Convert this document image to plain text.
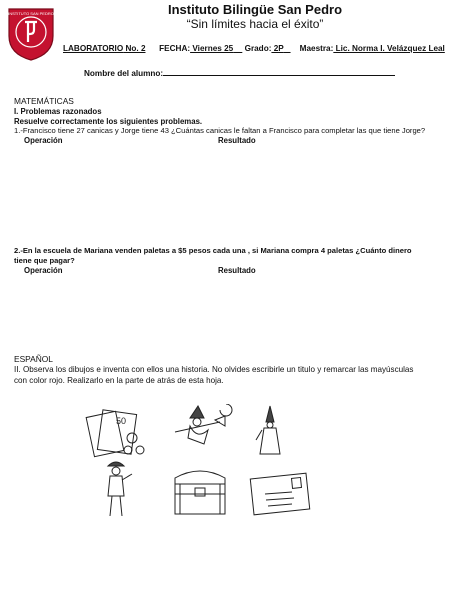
INSTITUTO SAN PEDRO	Instituto Bilingüe San Pedro
“Sin límites hacia el éxito”
LABORATORIO No. 2 FECHA: Viernes 25 Grado: 2P Maestra: Lic. Norma I. Velázquez Leal
Nombre del alumno:
MATEMÁTICAS
I. Problemas razonados
Resuelve correctamente los siguientes problemas.
1.-Francisco tiene 27 canicas y Jorge tiene 43 ¿Cuántas canicas le faltan a Francisco para completar las que tiene Jorge?
Operación	Resultado
2.-En la escuela de Mariana venden paletas a $5 pesos cada una , si Mariana compra 4 paletas ¿Cuánto dinero
tiene que pagar?
Operación	Resultado
ESPAÑOL
II. Observa los dibujos e inventa con ellos una historia. No olvides escribirle un titulo y remarcar las mayúsculas
con color rojo. Realizarlo en la parte de atrás de esta hoja.
50
